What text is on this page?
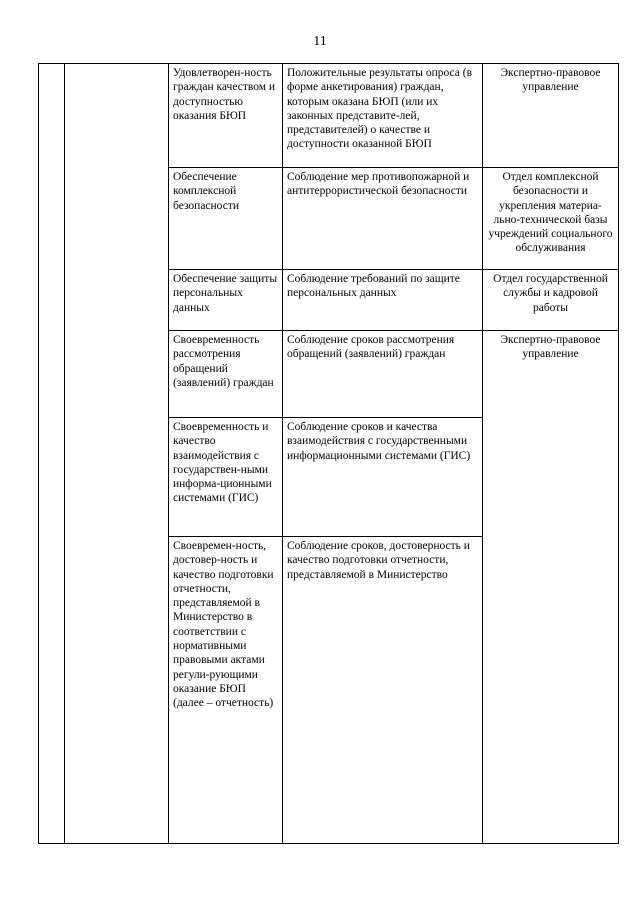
11
		Удовлетворен-ность граждан качеством и доступностью оказания БЮП	Положительные результаты опроса (в форме анкетирования) граждан, которым оказана БЮП (или их законных представите-лей, представителей) о качестве и доступности оказанной БЮП	Экспертно-правовое управление
		Обеспечение комплексной безопасности	Соблюдение мер противопожарной и антитеррористической безопасности	Отдел комплексной безопасности и укрепления материа-льно-технической базы учреждений социального обслуживания
		Обеспечение защиты персональных данных	Соблюдение требований по защите персональных данных	Отдел государственной службы и кадровой работы
		Своевременность рассмотрения обращений (заявлений) граждан	Соблюдение сроков рассмотрения обращений (заявлений) граждан	Экспертно-правовое управление
		Своевременность и качество взаимодействия с государствен-ными информа-ционными системами (ГИС)	Соблюдение сроков и качества взаимодействия с государственными информационными системами (ГИС)	
		Своевремен-ность, достовер-ность и качество подготовки отчетности, представляемой в Министерство в соответствии с нормативными правовыми актами регули-рующими оказание БЮП (далее – отчетность)	Соблюдение сроков, достоверность и качество подготовки отчетности, представляемой в Министерство	
